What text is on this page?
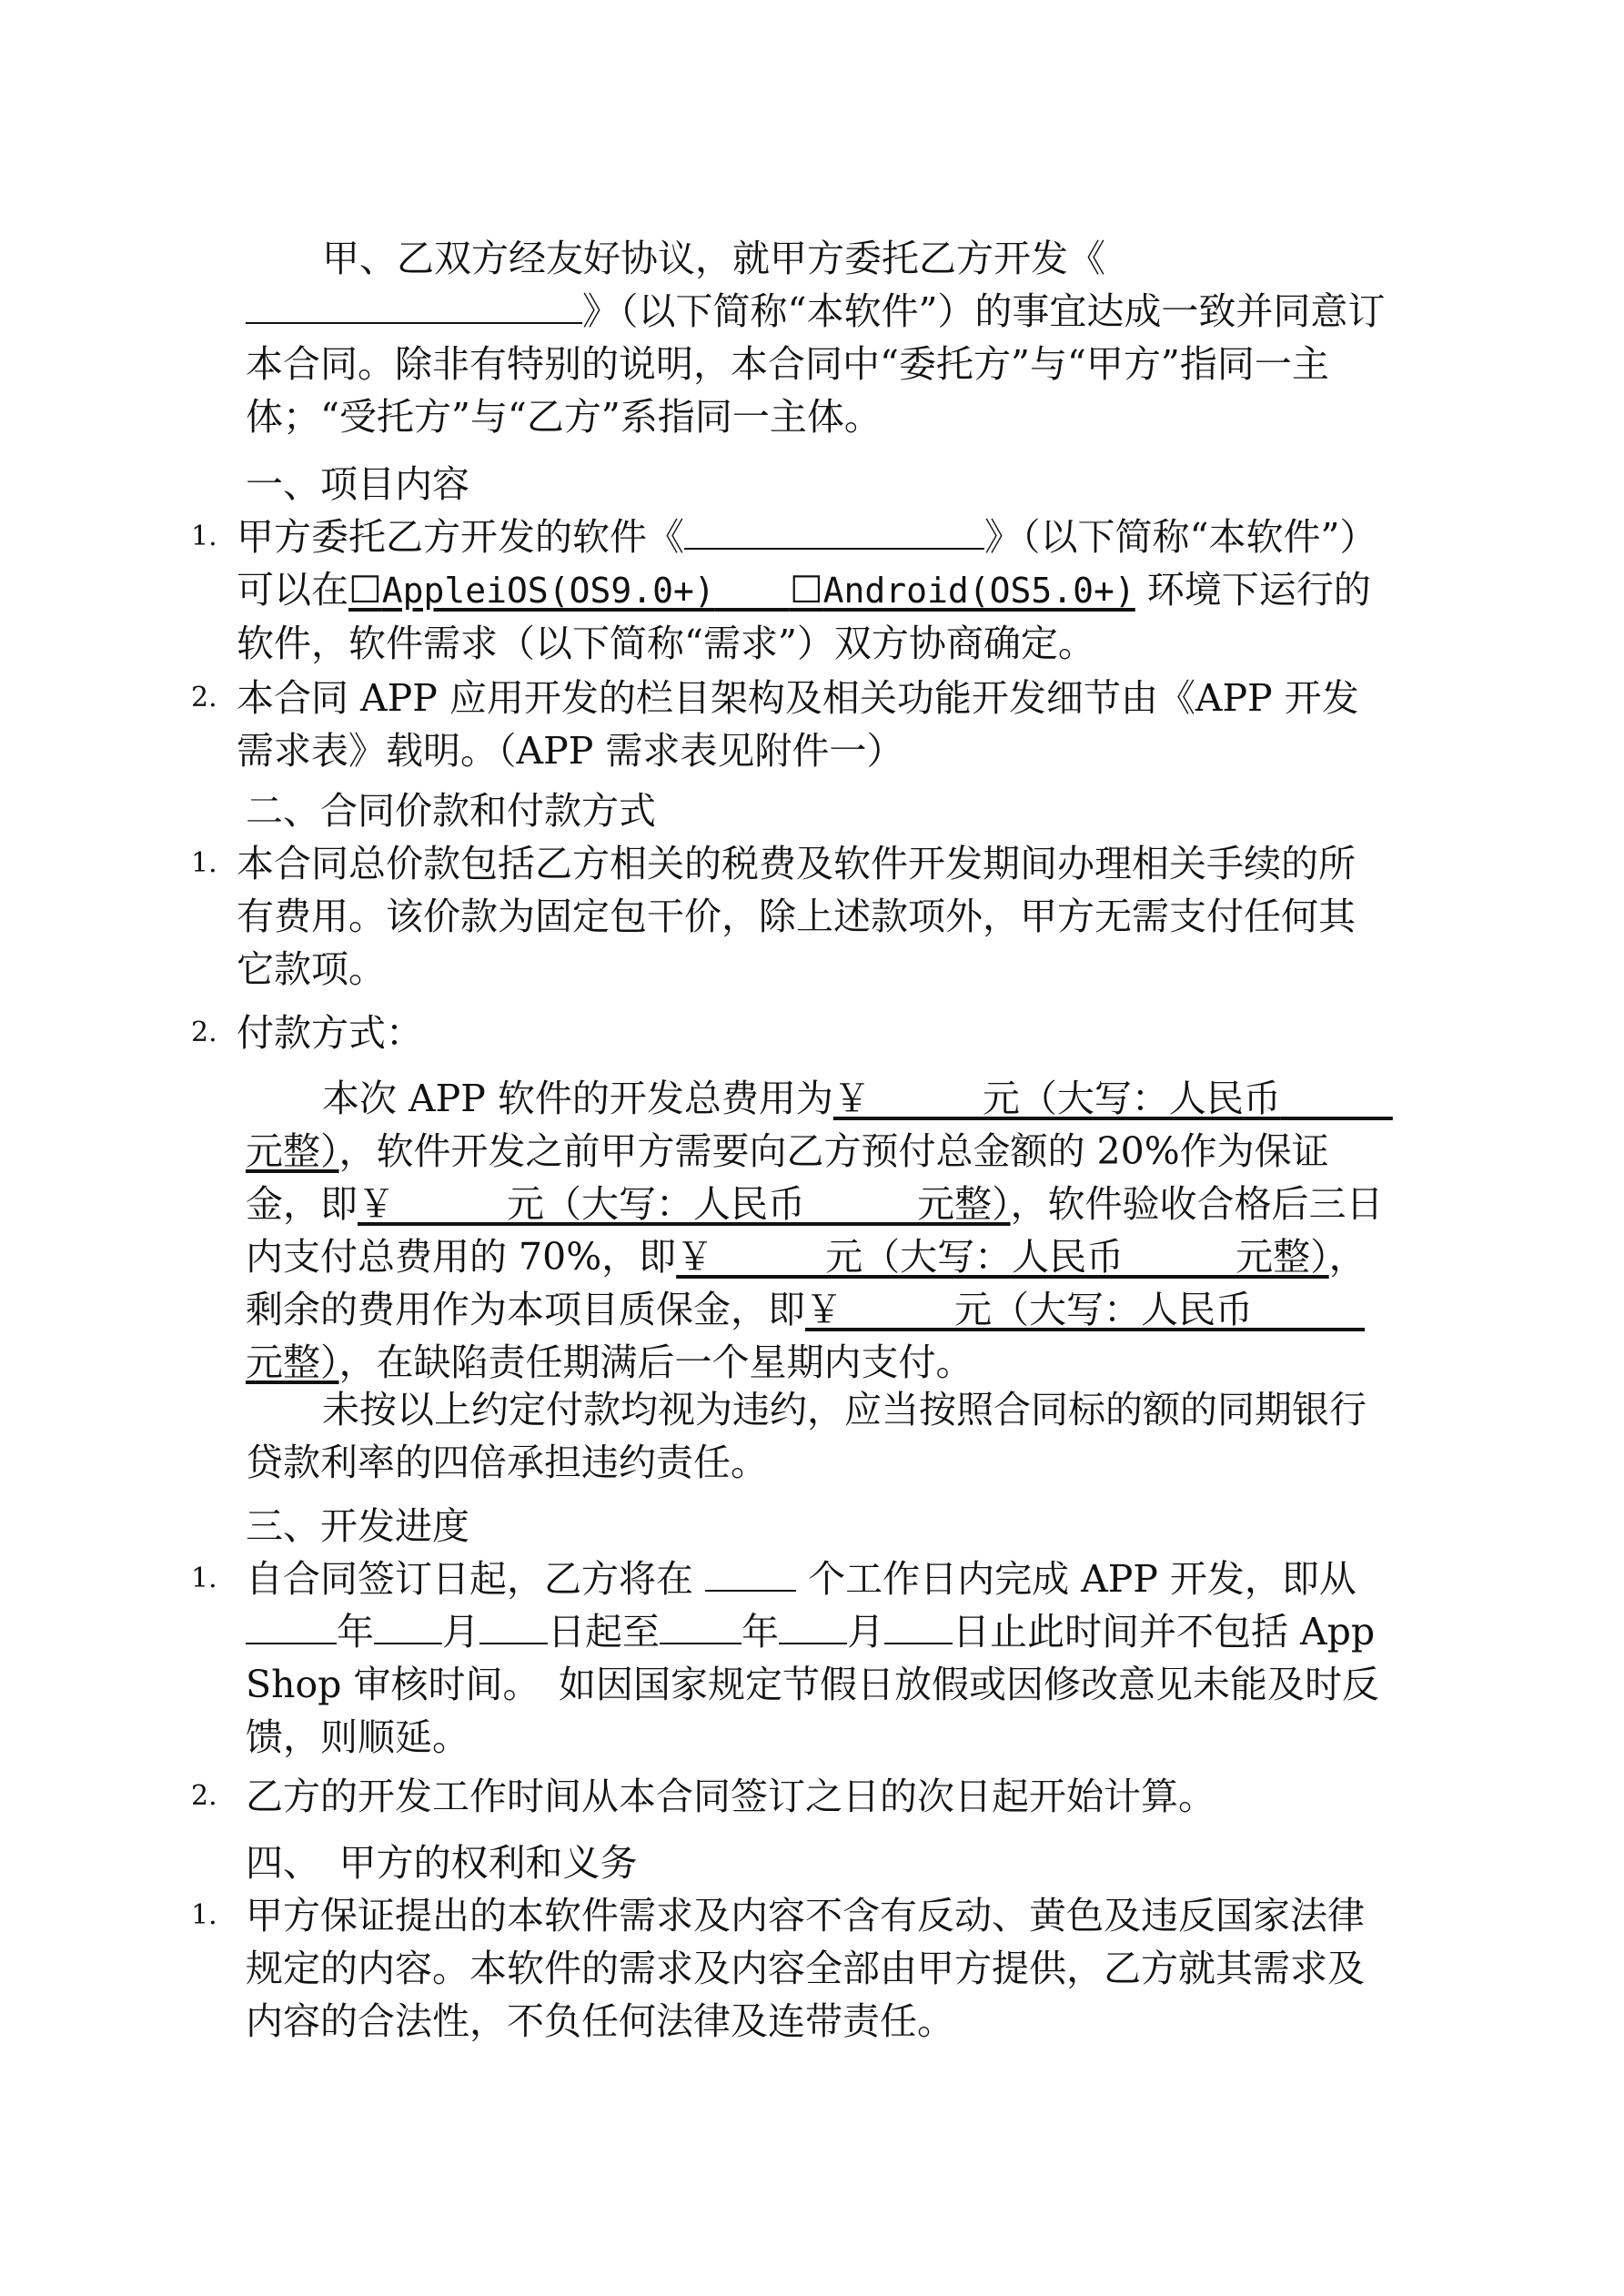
甲、乙双方经友好协议，就甲方委托乙方开发《》（以下简称“本软件”）的事宜达成一致并同意订本合同。除非有特别的说明，本合同中“委托方”与“甲方”指同一主体；“受托方”与“乙方”系指同一主体。
一、项目内容
1. 甲方委托乙方开发的软件《	》（以下简称“本软件”） 可以在☐AppleiOS(OS9.0+)　　 ☐Android(OS5.0+) 环境下运行的软件，软件需求（以下简称“需求”）双方协商确定。
2. 本合同 APP 应用开发的栏目架构及相关功能开发细节由《APP 开发需求表》载明。（APP 需求表见附件一）
二、合同价款和付款方式
1. 本合同总价款包括乙方相关的税费及软件开发期间办理相关手续的所有费用。该价款为固定包干价，除上述款项外，甲方无需支付任何其它款项。
2. 付款方式：
本次 APP 软件的开发总费用为￥　　　元（大写：人民币　　　元整），软件开发之前甲方需要向乙方预付总金额的 20%作为保证金，即￥　　　元（大写：人民币　　　元整），软件验收合格后三日内支付总费用的 70%，即￥　　　元（大写：人民币　　　元整），剩余的费用作为本项目质保金，即￥　　　元（大写：人民币　　　元整），在缺陷责任期满后一个星期内支付。
未按以上约定付款均视为违约，应当按照合同标的额的同期银行贷款利率的四倍承担违约责任。
三、开发进度
1. 自合同签订日起，乙方将在  个工作日内完成 APP 开发，即从年 月 日起至 年 月 日止此时间并不包括 App　Shop 审核时间。　如因国家规定节假日放假或因修改意见未能及时反馈，则顺延。
2. 乙方的开发工作时间从本合同签订之日的次日起开始计算。
四、　甲方的权利和义务
1. 甲方保证提出的本软件需求及内容不含有反动、黄色及违反国家法律规定的内容。本软件的需求及内容全部由甲方提供，乙方就其需求及内容的合法性，不负任何法律及连带责任。
